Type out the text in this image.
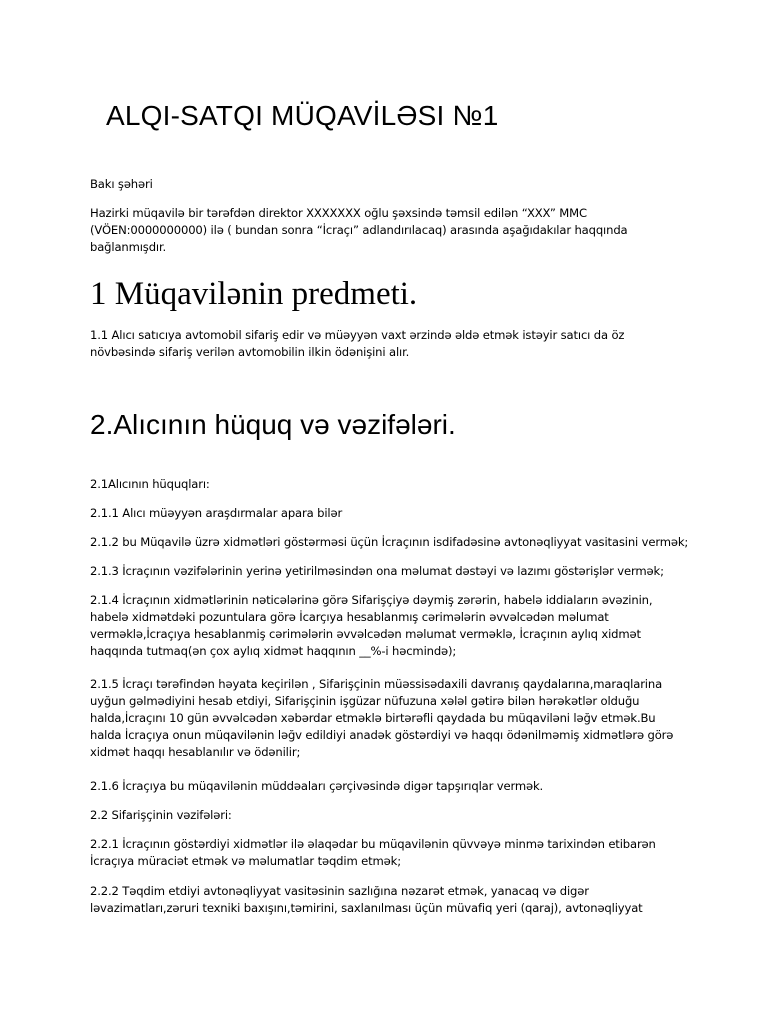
ALQI-SATQI MÜQAVİLƏSI №1

Bakı şəhəri

Hazirki müqavilə bir tərəfdən direktor XXXXXXX oğlu şəxsində təmsil edilən “XXX” MMC (VÖEN:0000000000) ilə ( bundan sonra “İcraçı” adlandırılacaq) arasında aşağıdakılar haqqında bağlanmışdır.

1 Müqavilənin predmeti.

1.1 Alıcı satıcıya avtomobil sifariş edir və müəyyən vaxt ərzində əldə etmək istəyir satıcı da öz növbəsində sifariş verilən avtomobilin ilkin ödənişini alır.

2.Alıcının hüquq və vəzifələri.

2.1Alıcının hüquqları:

2.1.1 Alıcı müəyyən araşdırmalar apara bilər

2.1.2 bu Müqavilə üzrə xidmətləri göstərməsi üçün İcraçının isdifadəsinə avtonəqliyyat vasitasini vermək;

2.1.3 İcraçının vəzifələrinin yerinə yetirilməsindən ona məlumat dəstəyi və lazımı göstərişlər vermək;

2.1.4 İcraçının xidmətlərinin nəticələrinə görə Sifarişçiyə dəymiş zərərin, habelə iddiaların əvəzinin, habelə xidmətdəki pozuntulara görə İcarçıya hesablanmış cərimələrin əvvəlcədən məlumat verməklə,İcraçıya hesablanmiş cərimələrin əvvəlcədən məlumat verməklə, İcraçının aylıq xidmət haqqında tutmaq(ən çox aylıq xidmət haqqının __%-i həcmində);

2.1.5 İcraçı tərəfindən həyata keçirilən , Sifarişçinin müəssisədaxili davranış qaydalarına,maraqlarina uyğun gəlmədiyini hesab etdiyi, Sifarişçinin işgüzar nüfuzuna xələl gətirə bilən hərəkətlər olduğu halda,İcraçını 10 gün əvvəlcədən xəbərdar etməklə birtərəfli qaydada bu müqaviləni ləğv etmək.Bu halda İcraçıya onun müqavilənin ləğv edildiyi anadək göstərdiyi və haqqı ödənilməmiş xidmətlərə görə xidmət haqqı hesablanılır və ödənilir;

2.1.6 İcraçıya bu müqavilənin müddəaları çərçivəsində digər tapşırıqlar vermək.

2.2 Sifarişçinin vəzifələri:

2.2.1 İcraçının göstərdiyi xidmətlər ilə əlaqədar bu müqavilənin qüvvəyə minmə tarixindən etibarən İcraçıya müraciət etmək və məlumatlar təqdim etmək;

2.2.2 Təqdim etdiyi avtonəqliyyat vasitəsinin sazlığına nəzarət etmək, yanacaq və digər ləvazimatları,zəruri texniki baxışını,təmirini, saxlanılması üçün müvafiq yeri (qaraj), avtonəqliyyat
